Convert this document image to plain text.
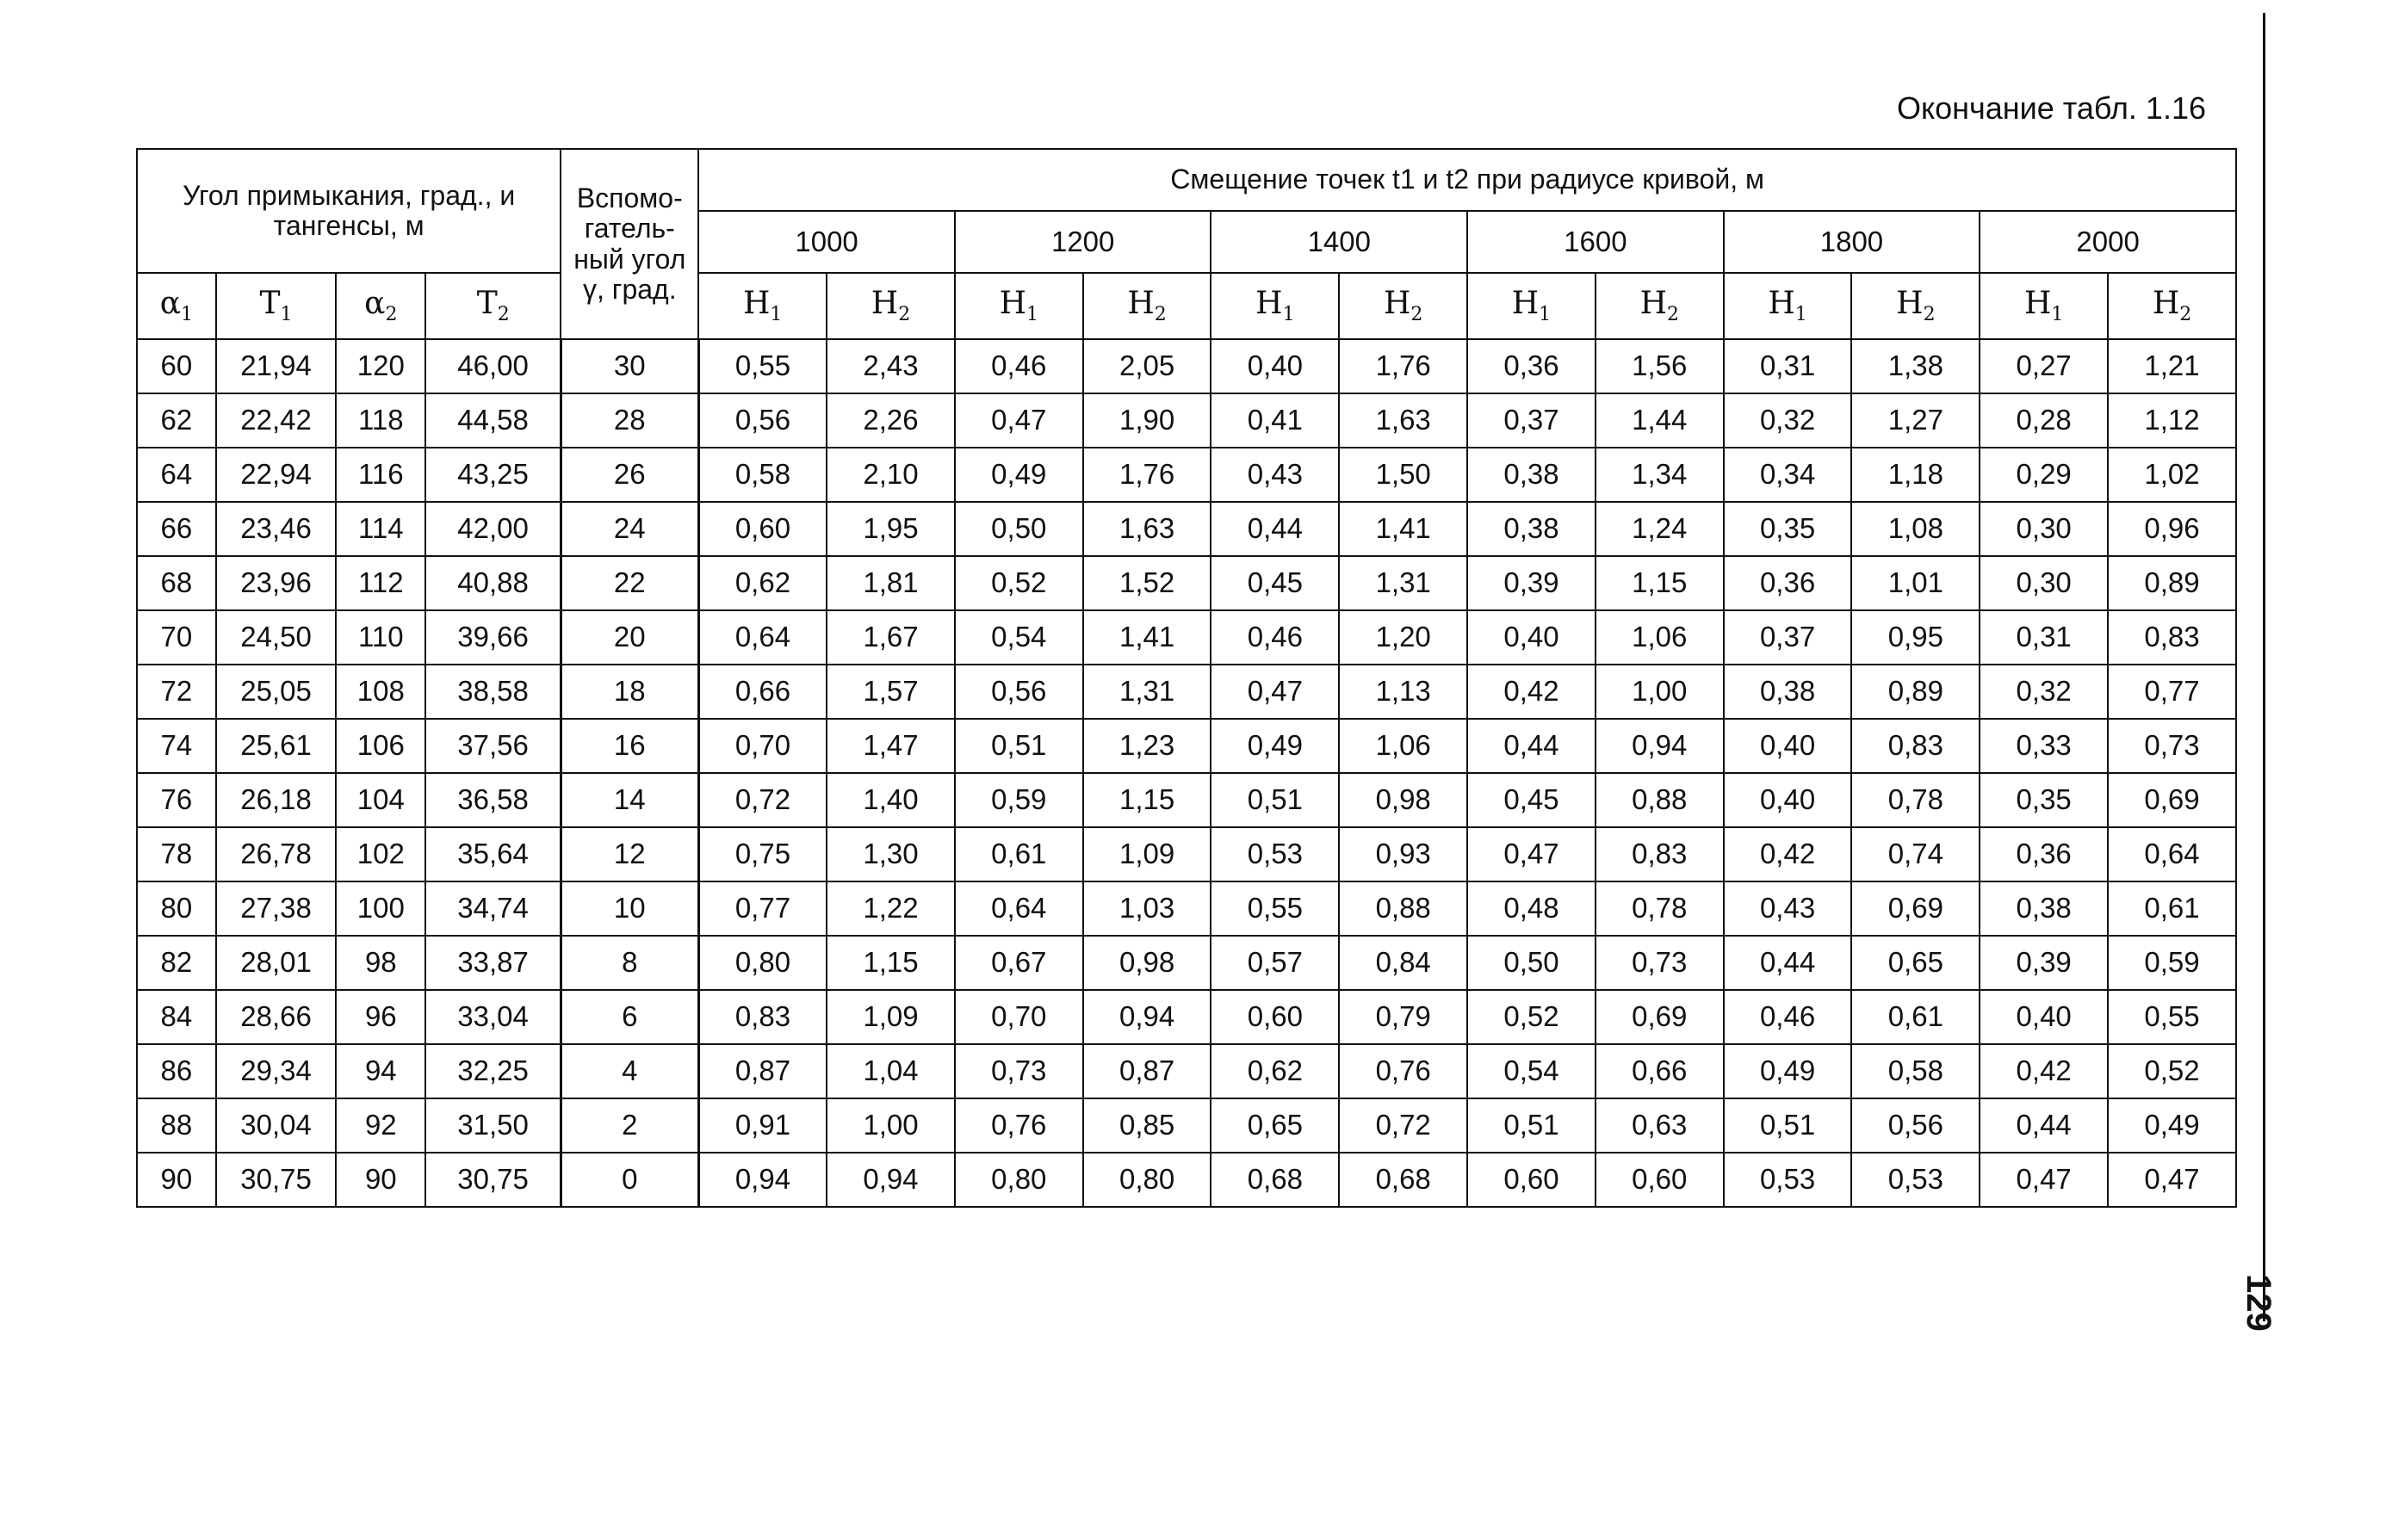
Окончание табл. 1.16
129
Угол примыкания, град., и тангенсы, м				Вспомо-гатель-ный угол γ, град.	Смещение точек t1 и t2 при радиусе кривой, м											
					1000		1200		1400		1600		1800		2000	
$\alpha_1$	$T_1$	$\alpha_2$	$T_2$		$H_1$	$H_2$	$H_1$	$H_2$	$H_1$	$H_2$	$H_1$	$H_2$	$H_1$	$H_2$	$H_1$	$H_2$
60	21,94	120	46,00	30	0,55	2,43	0,46	2,05	0,40	1,76	0,36	1,56	0,31	1,38	0,27	1,21
62	22,42	118	44,58	28	0,56	2,26	0,47	1,90	0,41	1,63	0,37	1,44	0,32	1,27	0,28	1,12
64	22,94	116	43,25	26	0,58	2,10	0,49	1,76	0,43	1,50	0,38	1,34	0,34	1,18	0,29	1,02
66	23,46	114	42,00	24	0,60	1,95	0,50	1,63	0,44	1,41	0,38	1,24	0,35	1,08	0,30	0,96
68	23,96	112	40,88	22	0,62	1,81	0,52	1,52	0,45	1,31	0,39	1,15	0,36	1,01	0,30	0,89
70	24,50	110	39,66	20	0,64	1,67	0,54	1,41	0,46	1,20	0,40	1,06	0,37	0,95	0,31	0,83
72	25,05	108	38,58	18	0,66	1,57	0,56	1,31	0,47	1,13	0,42	1,00	0,38	0,89	0,32	0,77
74	25,61	106	37,56	16	0,70	1,47	0,51	1,23	0,49	1,06	0,44	0,94	0,40	0,83	0,33	0,73
76	26,18	104	36,58	14	0,72	1,40	0,59	1,15	0,51	0,98	0,45	0,88	0,40	0,78	0,35	0,69
78	26,78	102	35,64	12	0,75	1,30	0,61	1,09	0,53	0,93	0,47	0,83	0,42	0,74	0,36	0,64
80	27,38	100	34,74	10	0,77	1,22	0,64	1,03	0,55	0,88	0,48	0,78	0,43	0,69	0,38	0,61
82	28,01	98	33,87	8	0,80	1,15	0,67	0,98	0,57	0,84	0,50	0,73	0,44	0,65	0,39	0,59
84	28,66	96	33,04	6	0,83	1,09	0,70	0,94	0,60	0,79	0,52	0,69	0,46	0,61	0,40	0,55
86	29,34	94	32,25	4	0,87	1,04	0,73	0,87	0,62	0,76	0,54	0,66	0,49	0,58	0,42	0,52
88	30,04	92	31,50	2	0,91	1,00	0,76	0,85	0,65	0,72	0,51	0,63	0,51	0,56	0,44	0,49
90	30,75	90	30,75	0	0,94	0,94	0,80	0,80	0,68	0,68	0,60	0,60	0,53	0,53	0,47	0,47
